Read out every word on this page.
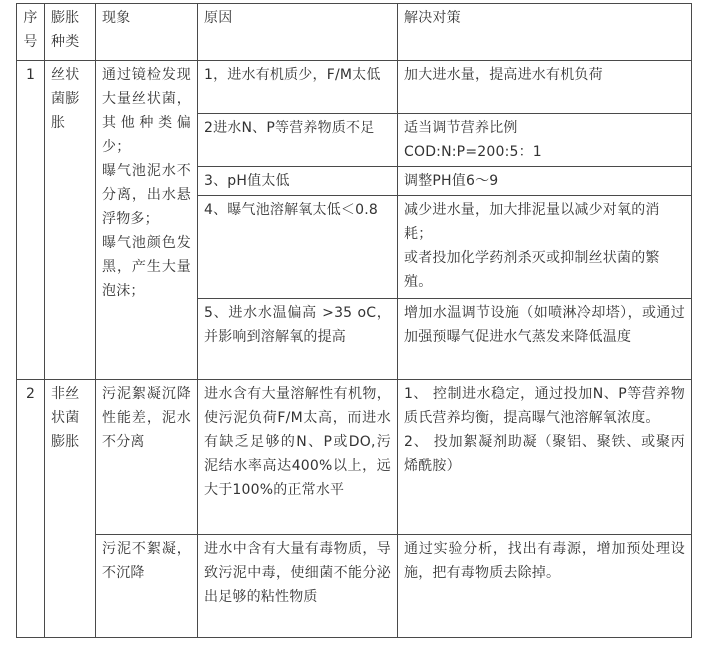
序号	膨胀种类	现象	原因	解决对策
1	丝状菌膨胀	通过镜检发现大量丝状菌，其他种类偏少；
曝气池泥水不分离，出水悬浮物多；
曝气池颜色发黑，产生大量泡沫；	1，进水有机质少，F/M太低	加大进水量，提高进水有机负荷
			2进水N、P等营养物质不足	适当调节营养比例
COD:N:P=200:5：1

			3、pH值太低	调整PH值6～9
			4、曝气池溶解氧太低＜0.8	减少进水量，加大排泥量以减少对氧的消耗；
或者投加化学药剂杀灭或抑制丝状菌的繁殖。

			5、进水水温偏高 >35 oC，并影响到溶解氧的提高	增加水温调节设施（如喷淋冷却塔），或通过加强预曝气促进水气蒸发来降低温度
2	非丝状菌膨胀	污泥絮凝沉降性能差，泥水不分离	进水含有大量溶解性有机物，使污泥负荷F/M太高，而进水有缺乏足够的N、P或DO,污泥结水率高达400%以上，远大于100%的正常水平	1、 控制进水稳定，通过投加N、P等营养物质氏营养均衡，提高曝气池溶解氧浓度。
2、 投加絮凝剂助凝（聚铝、聚铁、或聚丙烯酰胺）

		污泥不絮凝，不沉降	进水中含有大量有毒物质，导致污泥中毒，使细菌不能分泌出足够的粘性物质	通过实验分析，找出有毒源，增加预处理设施，把有毒物质去除掉。
